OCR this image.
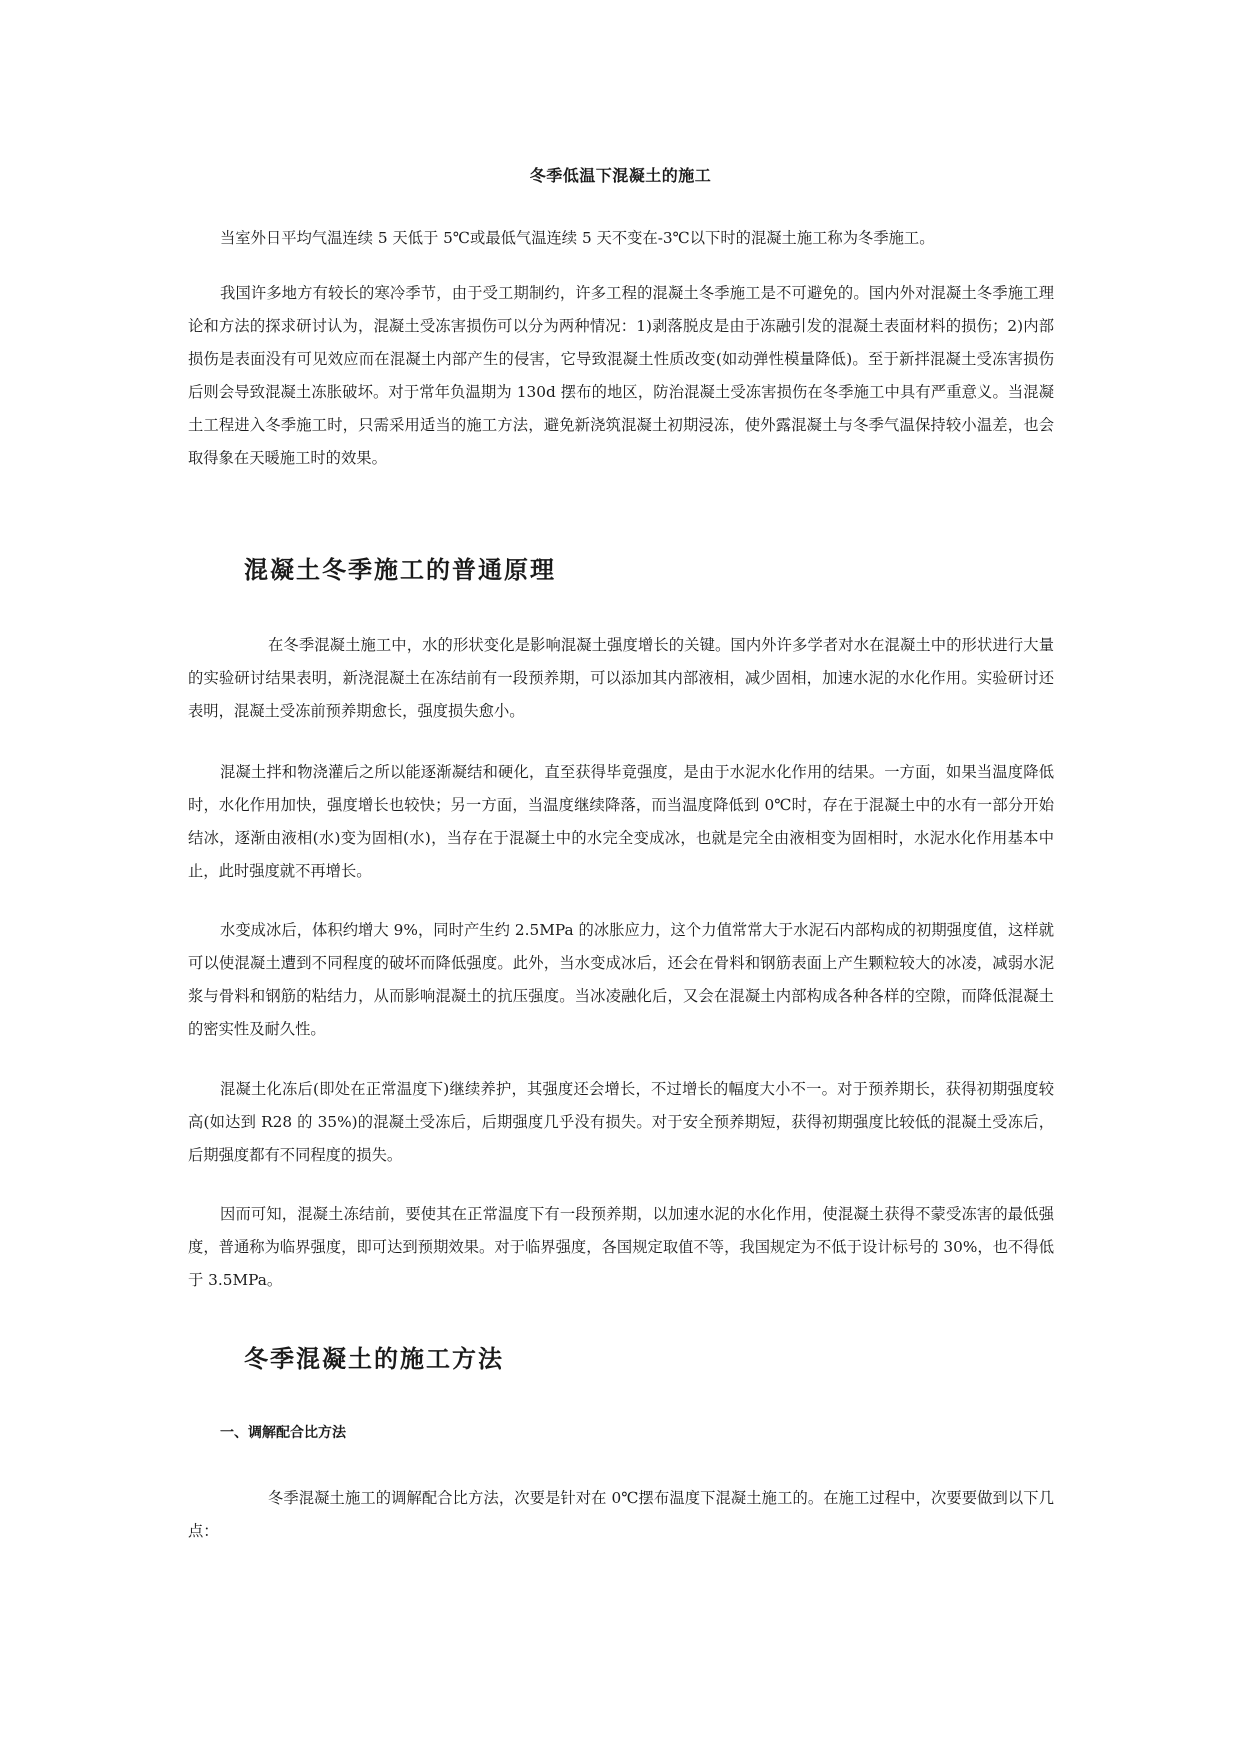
冬季低温下混凝土的施工

当室外日平均气温连续 5 天低于 5℃或最低气温连续 5 天不变在-3℃以下时的混凝土施工称为冬季施工。

我国许多地方有较长的寒冷季节，由于受工期制约，许多工程的混凝土冬季施工是不可避免的。国内外对混凝土冬季施工理论和方法的探求研讨认为，混凝土受冻害损伤可以分为两种情况：1)剥落脱皮是由于冻融引发的混凝土表面材料的损伤；2)内部损伤是表面没有可见效应而在混凝土内部产生的侵害，它导致混凝土性质改变(如动弹性模量降低)。至于新拌混凝土受冻害损伤后则会导致混凝土冻胀破坏。对于常年负温期为 130d 摆布的地区，防治混凝土受冻害损伤在冬季施工中具有严重意义。当混凝土工程进入冬季施工时，只需采用适当的施工方法，避免新浇筑混凝土初期浸冻，使外露混凝土与冬季气温保持较小温差，也会取得象在天暖施工时的效果。

混凝土冬季施工的普通原理

在冬季混凝土施工中，水的形状变化是影响混凝土强度增长的关键。国内外许多学者对水在混凝土中的形状进行大量的实验研讨结果表明，新浇混凝土在冻结前有一段预养期，可以添加其内部液相，减少固相，加速水泥的水化作用。实验研讨还表明，混凝土受冻前预养期愈长，强度损失愈小。

混凝土拌和物浇灌后之所以能逐渐凝结和硬化，直至获得毕竟强度，是由于水泥水化作用的结果。一方面，如果当温度降低时，水化作用加快，强度增长也较快；另一方面，当温度继续降落，而当温度降低到 0℃时，存在于混凝土中的水有一部分开始结冰，逐渐由液相(水)变为固相(水)，当存在于混凝土中的水完全变成冰，也就是完全由液相变为固相时，水泥水化作用基本中止，此时强度就不再增长。

水变成冰后，体积约增大 9%，同时产生约 2.5MPa 的冰胀应力，这个力值常常大于水泥石内部构成的初期强度值，这样就可以使混凝土遭到不同程度的破坏而降低强度。此外，当水变成冰后，还会在骨料和钢筋表面上产生颗粒较大的冰凌，减弱水泥浆与骨料和钢筋的粘结力，从而影响混凝土的抗压强度。当冰凌融化后，又会在混凝土内部构成各种各样的空隙，而降低混凝土的密实性及耐久性。

混凝土化冻后(即处在正常温度下)继续养护，其强度还会增长，不过增长的幅度大小不一。对于预养期长，获得初期强度较高(如达到 R28 的 35%)的混凝土受冻后，后期强度几乎没有损失。对于安全预养期短，获得初期强度比较低的混凝土受冻后，后期强度都有不同程度的损失。

因而可知，混凝土冻结前，要使其在正常温度下有一段预养期，以加速水泥的水化作用，使混凝土获得不蒙受冻害的最低强度，普通称为临界强度，即可达到预期效果。对于临界强度，各国规定取值不等，我国规定为不低于设计标号的 30%，也不得低于 3.5MPa。

冬季混凝土的施工方法
一、调解配合比方法

冬季混凝土施工的调解配合比方法，次要是针对在 0℃摆布温度下混凝土施工的。在施工过程中，次要要做到以下几点：
